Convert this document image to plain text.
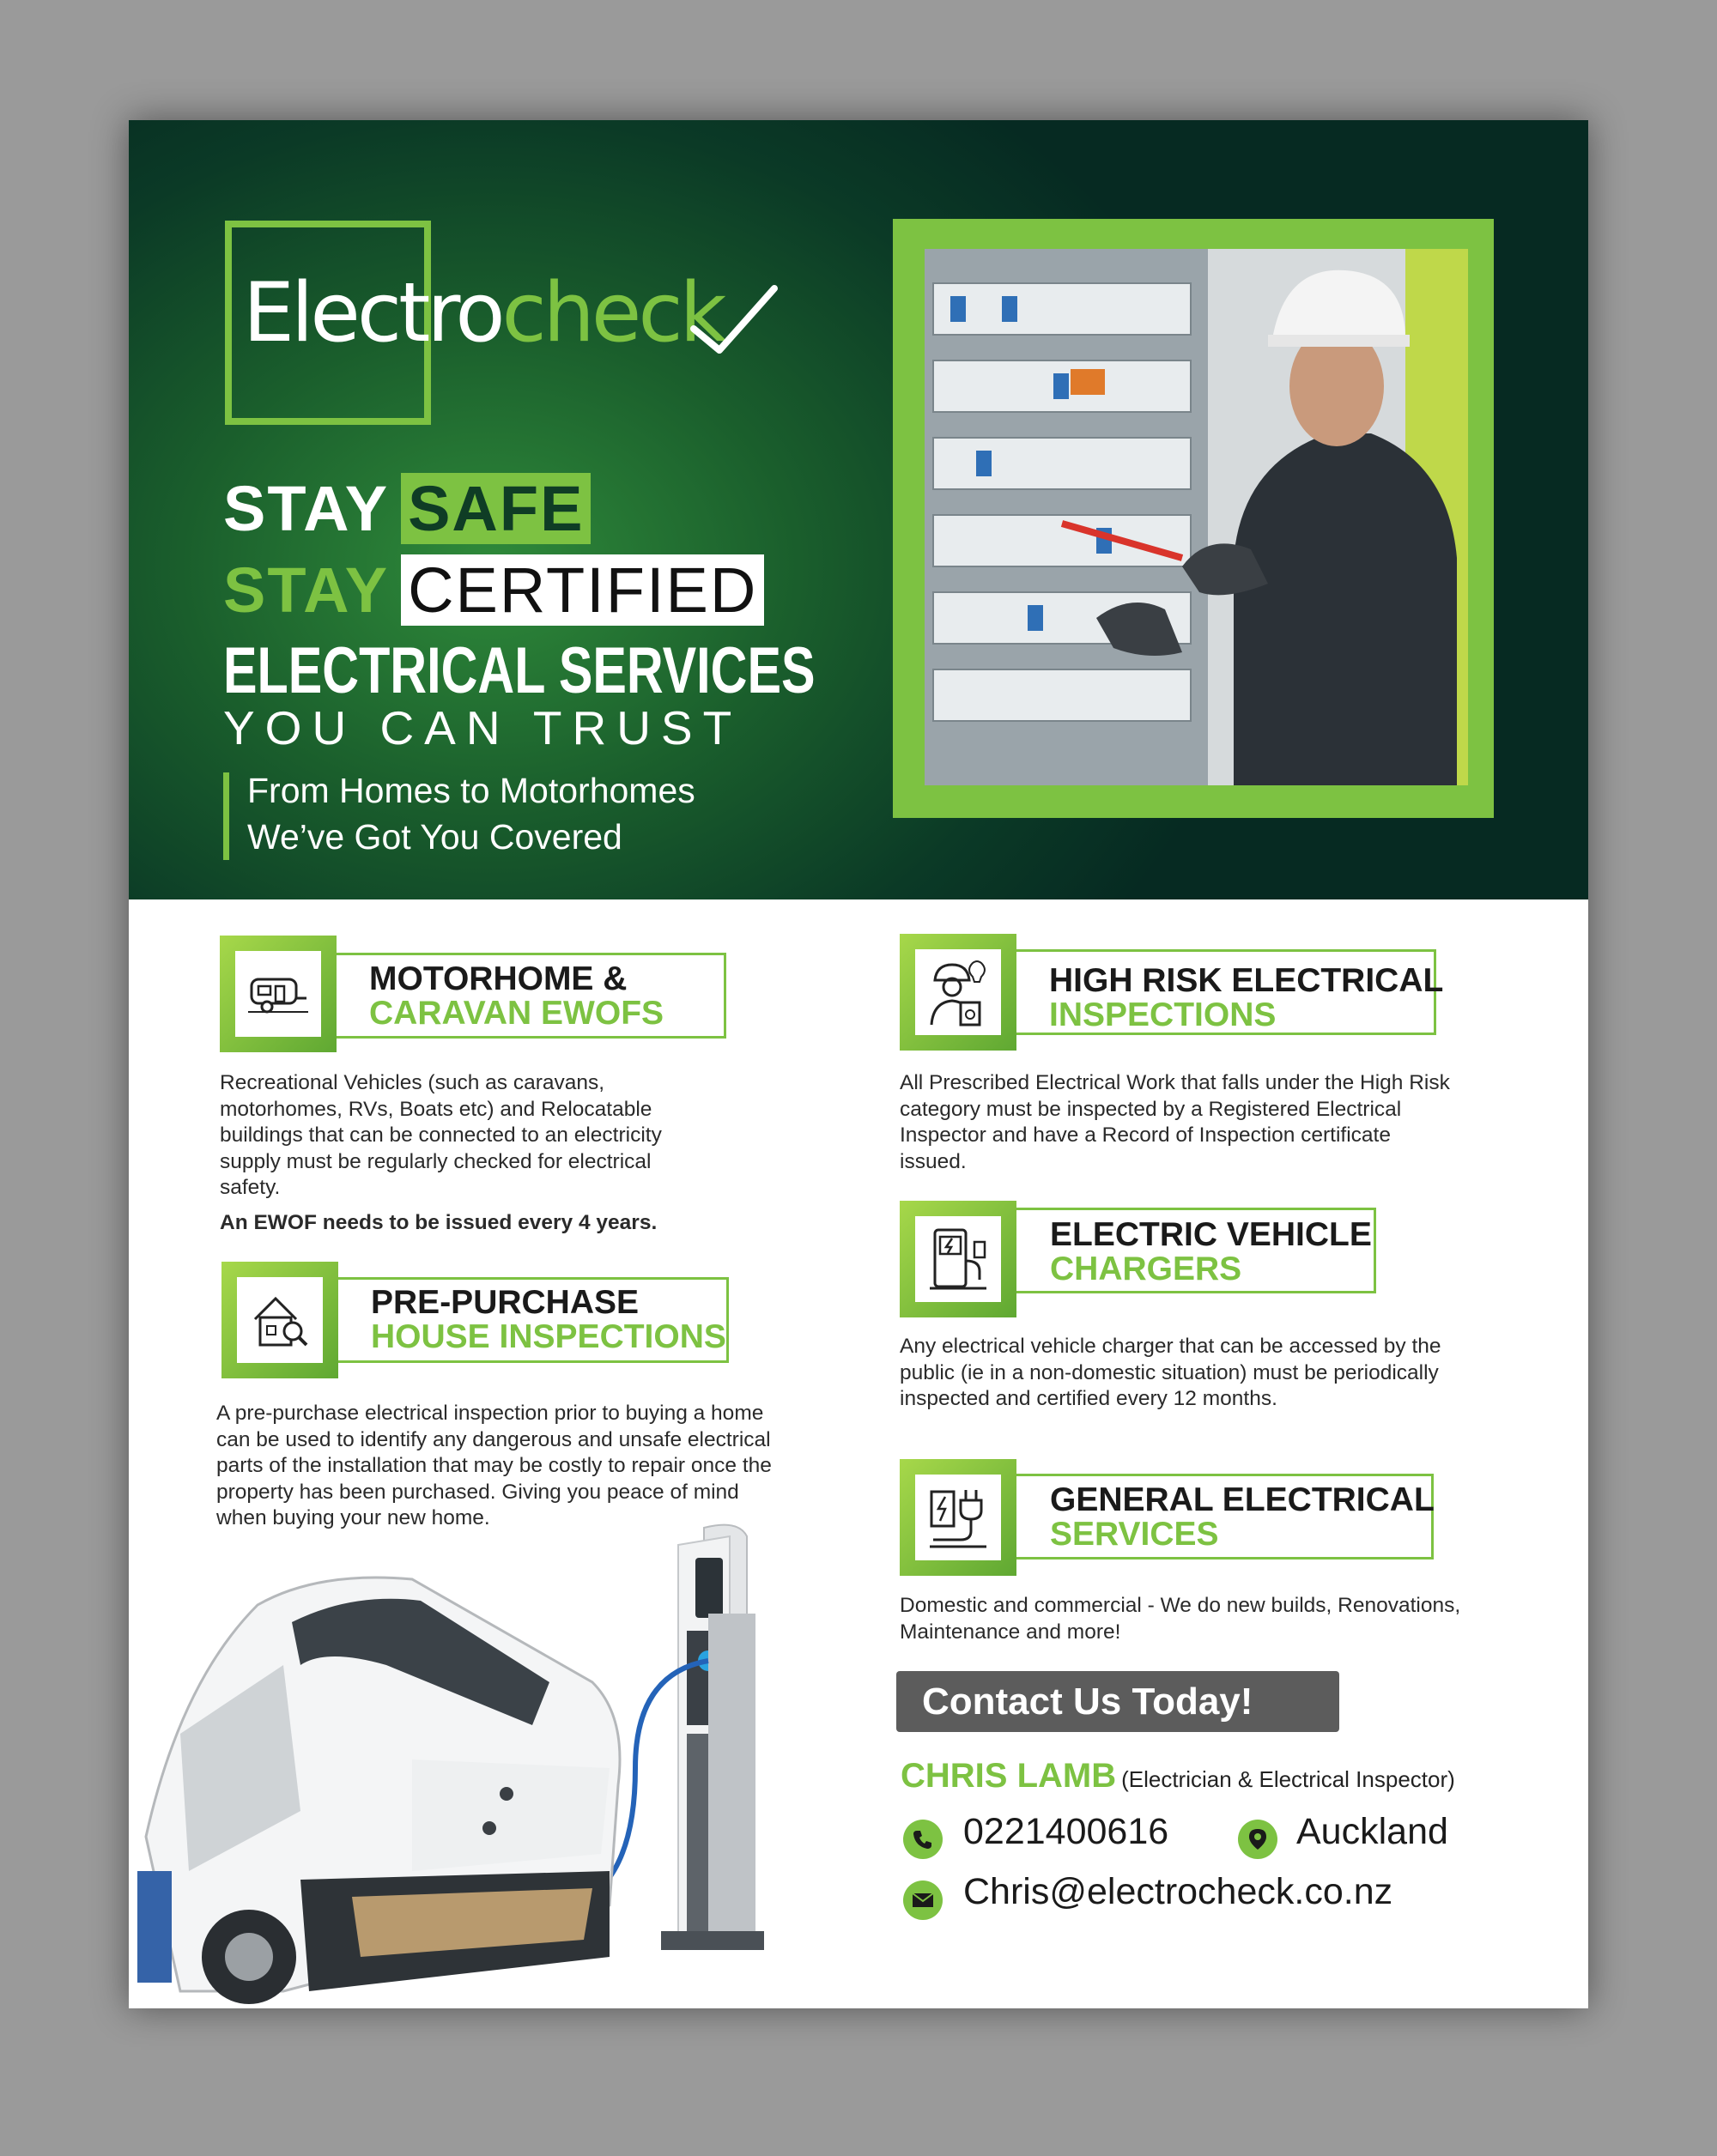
Electrocheck
STAY SAFE
STAY CERTIFIED
ELECTRICAL SERVICES
YOU CAN TRUST
From Homes to Motorhomes
We’ve Got You Covered
MOTORHOME &
CARAVAN EWOFS
Recreational Vehicles (such as caravans, motorhomes, RVs, Boats etc) and Relocatable buildings that can be connected to an electricity supply must be regularly checked for electrical safety.
An EWOF needs to be issued every 4 years.
PRE-PURCHASE
HOUSE INSPECTIONS
A pre-purchase electrical inspection prior to buying a home can be used to identify any dangerous and unsafe electrical parts of the installation that may be costly to repair once the property has been purchased. Giving you peace of mind when buying your new home.
HIGH RISK ELECTRICAL
INSPECTIONS
All Prescribed Electrical Work that falls under the High Risk category must be inspected by a Registered Electrical Inspector and have a Record of Inspection certificate issued.
ELECTRIC VEHICLE
CHARGERS
Any electrical vehicle charger that can be accessed by the public (ie in a non-domestic situation) must be periodically inspected and certified every 12 months.
GENERAL ELECTRICAL
SERVICES
Domestic and commercial - We do new builds, Renovations, Maintenance and more!
Contact Us Today!
CHRIS LAMB (Electrician & Electrical Inspector)
0221400616	Auckland
Chris@electrocheck.co.nz
